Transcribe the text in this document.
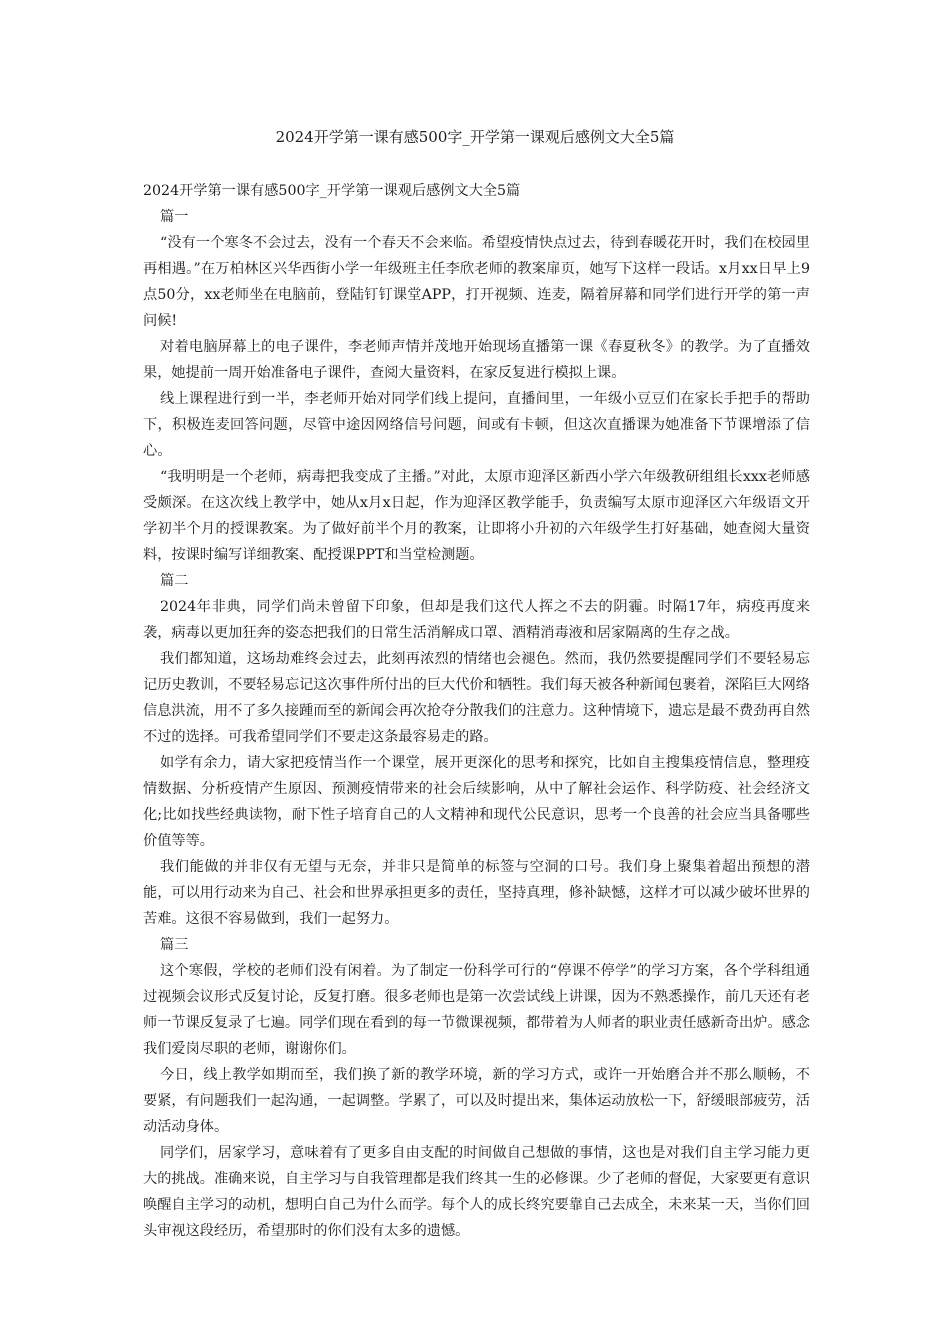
2024开学第一课有感500字_开学第一课观后感例文大全5篇

2024开学第一课有感500字_开学第一课观后感例文大全5篇

篇一

“没有一个寒冬不会过去，没有一个春天不会来临。希望疫情快点过去，待到春暖花开时，我们在校园里再相遇。”在万柏林区兴华西街小学一年级班主任李欣老师的教案扉页，她写下这样一段话。x月xx日早上9点50分，xx老师坐在电脑前，登陆钉钉课堂APP，打开视频、连麦，隔着屏幕和同学们进行开学的第一声问候!

对着电脑屏幕上的电子课件，李老师声情并茂地开始现场直播第一课《春夏秋冬》的教学。为了直播效果，她提前一周开始准备电子课件，查阅大量资料，在家反复进行模拟上课。

线上课程进行到一半，李老师开始对同学们线上提问，直播间里，一年级小豆豆们在家长手把手的帮助下，积极连麦回答问题，尽管中途因网络信号问题，间或有卡顿，但这次直播课为她准备下节课增添了信心。

“我明明是一个老师，病毒把我变成了主播。”对此，太原市迎泽区新西小学六年级教研组组长xxx老师感受颇深。在这次线上教学中，她从x月x日起，作为迎泽区教学能手，负责编写太原市迎泽区六年级语文开学初半个月的授课教案。为了做好前半个月的教案，让即将小升初的六年级学生打好基础，她查阅大量资料，按课时编写详细教案、配授课PPT和当堂检测题。

篇二

2024年非典，同学们尚未曾留下印象，但却是我们这代人挥之不去的阴霾。时隔17年，病疫再度来袭，病毒以更加狂奔的姿态把我们的日常生活消解成口罩、酒精消毒液和居家隔离的生存之战。

我们都知道，这场劫难终会过去，此刻再浓烈的情绪也会褪色。然而，我仍然要提醒同学们不要轻易忘记历史教训，不要轻易忘记这次事件所付出的巨大代价和牺牲。我们每天被各种新闻包裹着，深陷巨大网络信息洪流，用不了多久接踵而至的新闻会再次抢夺分散我们的注意力。这种情境下，遗忘是最不费劲再自然不过的选择。可我希望同学们不要走这条最容易走的路。

如学有余力，请大家把疫情当作一个课堂，展开更深化的思考和探究，比如自主搜集疫情信息，整理疫情数据、分析疫情产生原因、预测疫情带来的社会后续影响，从中了解社会运作、科学防疫、社会经济文化;比如找些经典读物，耐下性子培育自己的人文精神和现代公民意识，思考一个良善的社会应当具备哪些价值等等。

我们能做的并非仅有无望与无奈，并非只是简单的标签与空洞的口号。我们身上聚集着超出预想的潜能，可以用行动来为自己、社会和世界承担更多的责任，坚持真理，修补缺憾，这样才可以减少破坏世界的苦难。这很不容易做到，我们一起努力。

篇三

这个寒假，学校的老师们没有闲着。为了制定一份科学可行的“停课不停学”的学习方案，各个学科组通过视频会议形式反复讨论，反复打磨。很多老师也是第一次尝试线上讲课，因为不熟悉操作，前几天还有老师一节课反复录了七遍。同学们现在看到的每一节微课视频，都带着为人师者的职业责任感新奇出炉。感念我们爱岗尽职的老师，谢谢你们。

今日，线上教学如期而至，我们换了新的教学环境，新的学习方式，或许一开始磨合并不那么顺畅，不要紧，有问题我们一起沟通，一起调整。学累了，可以及时提出来，集体运动放松一下，舒缓眼部疲劳，活动活动身体。

同学们，居家学习，意味着有了更多自由支配的时间做自己想做的事情，这也是对我们自主学习能力更大的挑战。准确来说，自主学习与自我管理都是我们终其一生的必修课。少了老师的督促，大家要更有意识唤醒自主学习的动机，想明白自己为什么而学。每个人的成长终究要靠自己去成全，未来某一天，当你们回头审视这段经历，希望那时的你们没有太多的遗憾。
